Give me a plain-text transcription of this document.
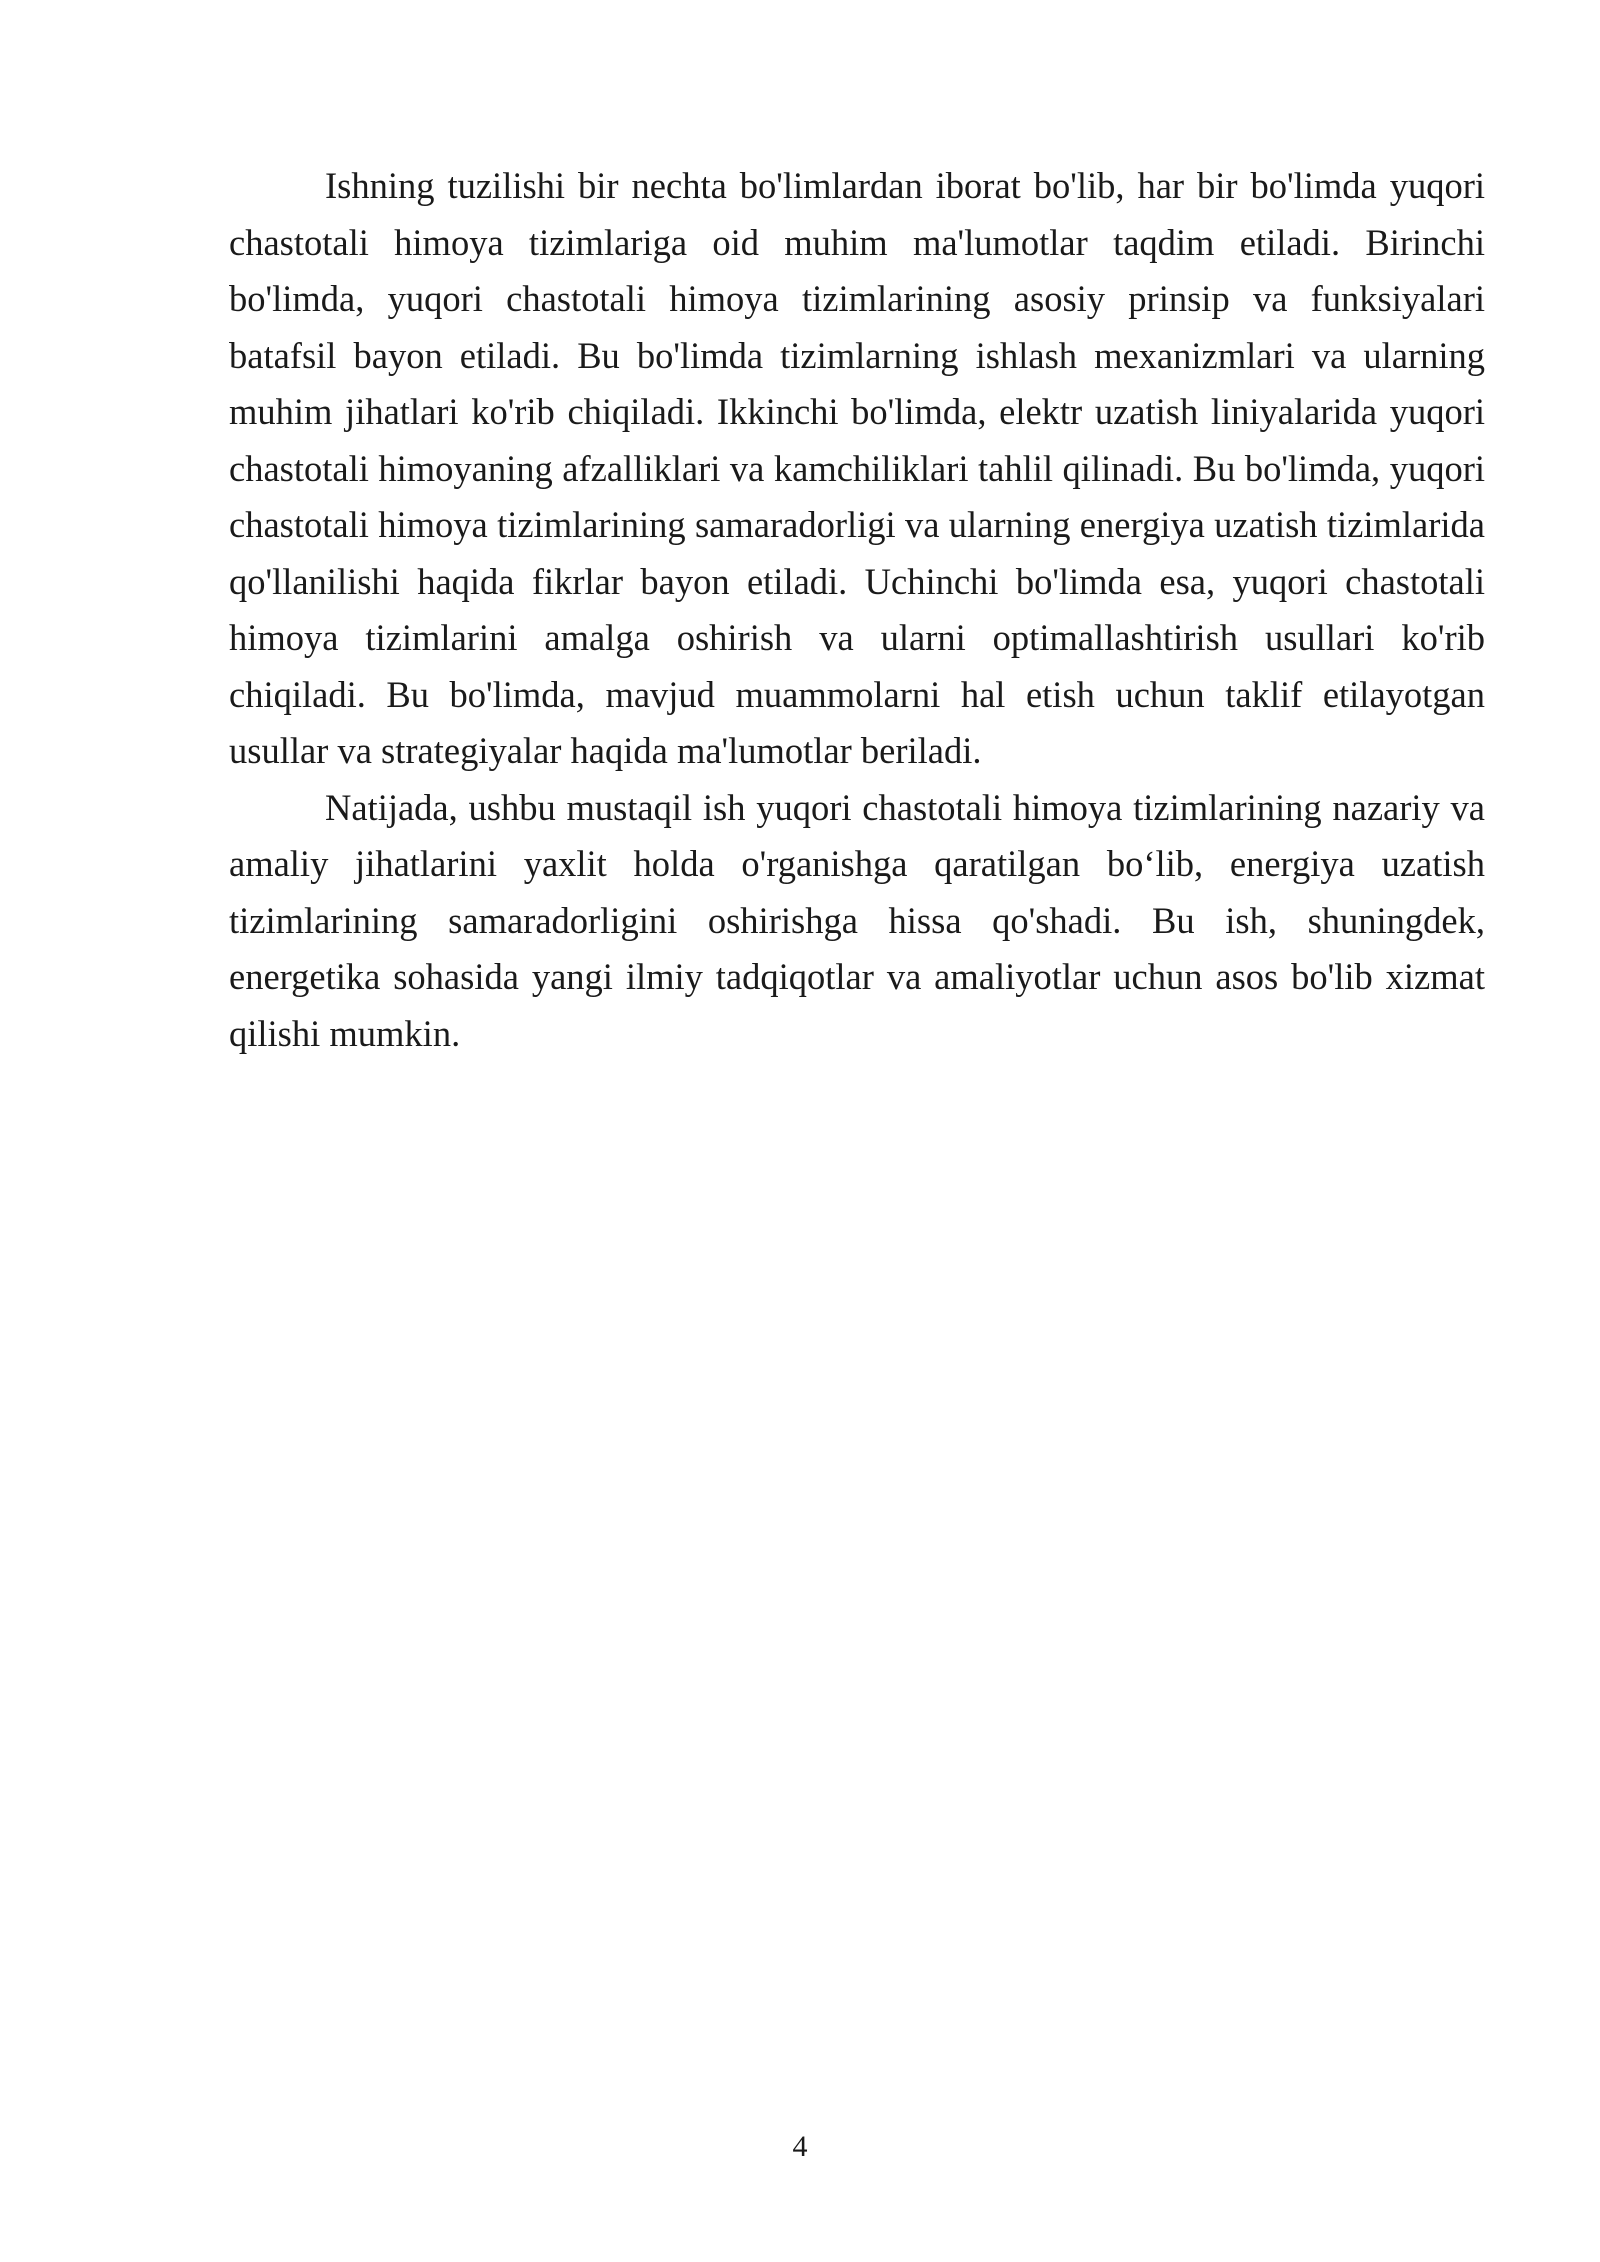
Ishning tuzilishi bir nechta bo'limlardan iborat bo'lib, har bir bo'limda yuqori chastotali himoya tizimlariga oid muhim ma'lumotlar taqdim etiladi. Birinchi bo'limda, yuqori chastotali himoya tizimlarining asosiy prinsip va funksiyalari batafsil bayon etiladi. Bu bo'limda tizimlarning ishlash mexanizmlari va ularning muhim jihatlari ko'rib chiqiladi. Ikkinchi bo'limda, elektr uzatish liniyalarida yuqori chastotali himoyaning afzalliklari va kamchiliklari tahlil qilinadi. Bu bo'limda, yuqori chastotali himoya tizimlarining samaradorligi va ularning energiya uzatish tizimlarida qo'llanilishi haqida fikrlar bayon etiladi. Uchinchi bo'limda esa, yuqori chastotali himoya tizimlarini amalga oshirish va ularni optimallashtirish usullari ko'rib chiqiladi. Bu bo'limda, mavjud muammolarni hal etish uchun taklif etilayotgan usullar va strategiyalar haqida ma'lumotlar beriladi.

Natijada, ushbu mustaqil ish yuqori chastotali himoya tizimlarining nazariy va amaliy jihatlarini yaxlit holda o'rganishga qaratilgan bo‘lib, energiya uzatish tizimlarining samaradorligini oshirishga hissa qo'shadi. Bu ish, shuningdek, energetika sohasida yangi ilmiy tadqiqotlar va amaliyotlar uchun asos bo'lib xizmat qilishi mumkin.

4
